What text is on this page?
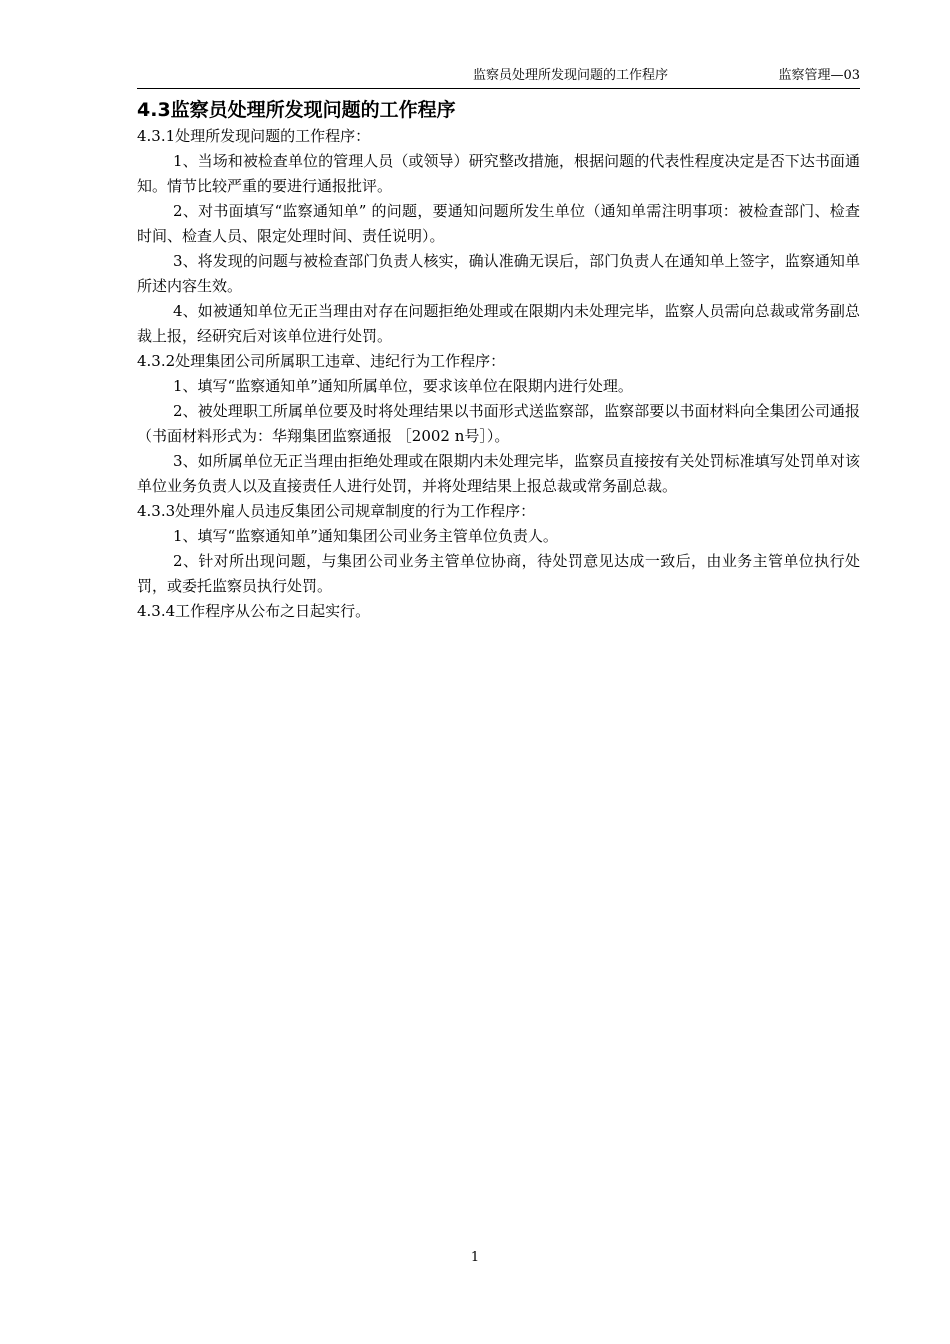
监察员处理所发现问题的工作程序	监察管理—03
4.3监察员处理所发现问题的工作程序

4.3.1处理所发现问题的工作程序：

1、当场和被检查单位的管理人员（或领导）研究整改措施，根据问题的代表性程度决定是否下达书面通知。情节比较严重的要进行通报批评。

2、对书面填写“监察通知单” 的问题，要通知问题所发生单位（通知单需注明事项：被检查部门、检查时间、检查人员、限定处理时间、责任说明）。

3、将发现的问题与被检查部门负责人核实，确认准确无误后，部门负责人在通知单上签字，监察通知单所述内容生效。

4、如被通知单位无正当理由对存在问题拒绝处理或在限期内未处理完毕，监察人员需向总裁或常务副总裁上报，经研究后对该单位进行处罚。

4.3.2处理集团公司所属职工违章、违纪行为工作程序：

1、填写“监察通知单”通知所属单位，要求该单位在限期内进行处理。

2、被处理职工所属单位要及时将处理结果以书面形式送监察部，监察部要以书面材料向全集团公司通报（书面材料形式为：华翔集团监察通报 ［2002 n号］）。

3、如所属单位无正当理由拒绝处理或在限期内未处理完毕，监察员直接按有关处罚标准填写处罚单对该单位业务负责人以及直接责任人进行处罚，并将处理结果上报总裁或常务副总裁。

4.3.3处理外雇人员违反集团公司规章制度的行为工作程序：

1、填写“监察通知单”通知集团公司业务主管单位负责人。

2、针对所出现问题，与集团公司业务主管单位协商，待处罚意见达成一致后，由业务主管单位执行处罚，或委托监察员执行处罚。

4.3.4工作程序从公布之日起实行。

1
